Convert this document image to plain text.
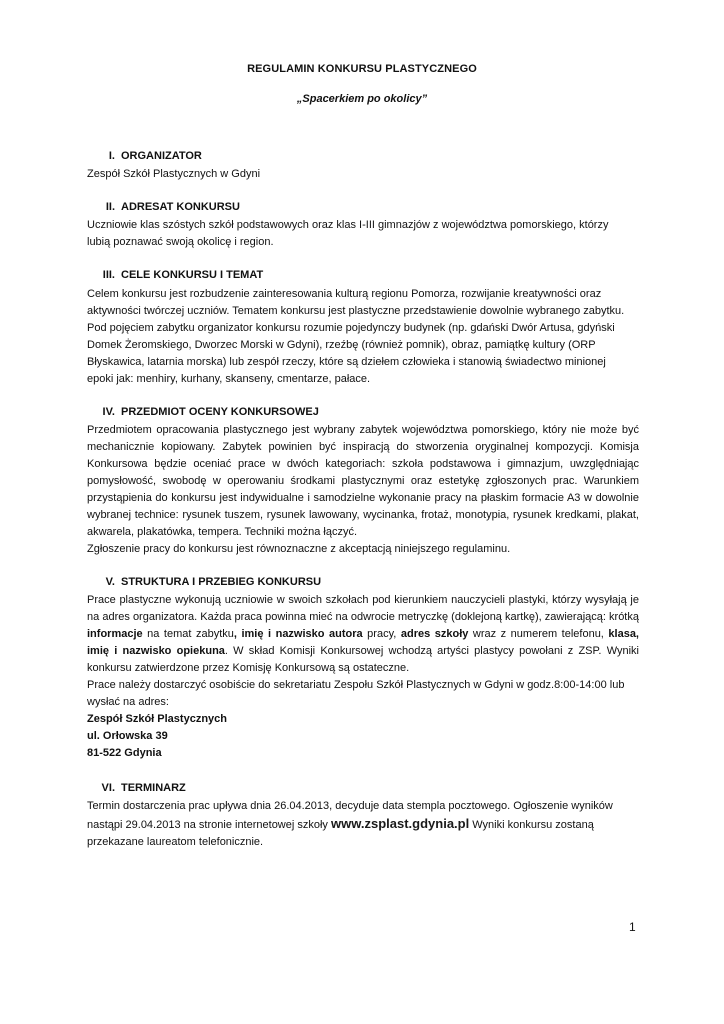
REGULAMIN KONKURSU PLASTYCZNEGO
„Spacerkiem po okolicy”
I. ORGANIZATOR

Zespół Szkół Plastycznych w Gdyni

II. ADRESAT KONKURSU

Uczniowie klas szóstych szkół podstawowych oraz klas I-III gimnazjów z województwa pomorskiego, którzy

lubią poznawać swoją okolicę i region.

III. CELE KONKURSU I TEMAT

Celem konkursu jest rozbudzenie zainteresowania kulturą regionu Pomorza, rozwijanie kreatywności oraz

aktywności twórczej uczniów. Tematem konkursu jest plastyczne przedstawienie dowolnie wybranego zabytku.

Pod pojęciem zabytku organizator konkursu rozumie pojedynczy budynek (np. gdański Dwór Artusa, gdyński

Domek Żeromskiego, Dworzec Morski w Gdyni), rzeźbę (również pomnik), obraz, pamiątkę kultury (ORP

Błyskawica, latarnia morska) lub zespół rzeczy, które są dziełem człowieka i stanowią świadectwo minionej

epoki jak: menhiry, kurhany, skanseny, cmentarze, pałace.

IV. PRZEDMIOT OCENY KONKURSOWEJ

Przedmiotem opracowania plastycznego jest wybrany zabytek województwa pomorskiego, który nie może być mechanicznie kopiowany. Zabytek powinien być inspiracją do stworzenia oryginalnej kompozycji. Komisja Konkursowa będzie oceniać prace w dwóch kategoriach: szkoła podstawowa i gimnazjum, uwzględniając pomysłowość, swobodę w operowaniu środkami plastycznymi oraz estetykę zgłoszonych prac. Warunkiem przystąpienia do konkursu jest indywidualne i samodzielne wykonanie pracy na płaskim formacie A3 w dowolnie wybranej technice: rysunek tuszem, rysunek lawowany, wycinanka, frotaż, monotypia, rysunek kredkami, plakat, akwarela, plakatówka, tempera. Techniki można łączyć.

Zgłoszenie pracy do konkursu jest równoznaczne z akceptacją niniejszego regulaminu.

V. STRUKTURA I PRZEBIEG KONKURSU

Prace plastyczne wykonują uczniowie w swoich szkołach pod kierunkiem nauczycieli plastyki, którzy wysyłają je na adres organizatora. Każda praca powinna mieć na odwrocie metryczkę (doklejoną kartkę), zawierającą: krótką informacje na temat zabytku, imię i nazwisko autora pracy, adres szkoły wraz z numerem telefonu, klasa, imię i nazwisko opiekuna. W skład Komisji Konkursowej wchodzą artyści plastycy powołani z ZSP. Wyniki konkursu zatwierdzone przez Komisję Konkursową są ostateczne.

Prace należy dostarczyć osobiście do sekretariatu Zespołu Szkół Plastycznych w Gdyni w godz.8:00-14:00 lub

wysłać na adres:

Zespół Szkół Plastycznych

ul. Orłowska 39

81-522 Gdynia

VI. TERMINARZ

Termin dostarczenia prac upływa dnia 26.04.2013, decyduje data stempla pocztowego. Ogłoszenie wyników

nastąpi 29.04.2013 na stronie internetowej szkoły www.zsplast.gdynia.pl Wyniki konkursu zostaną

przekazane laureatom telefonicznie.

1
